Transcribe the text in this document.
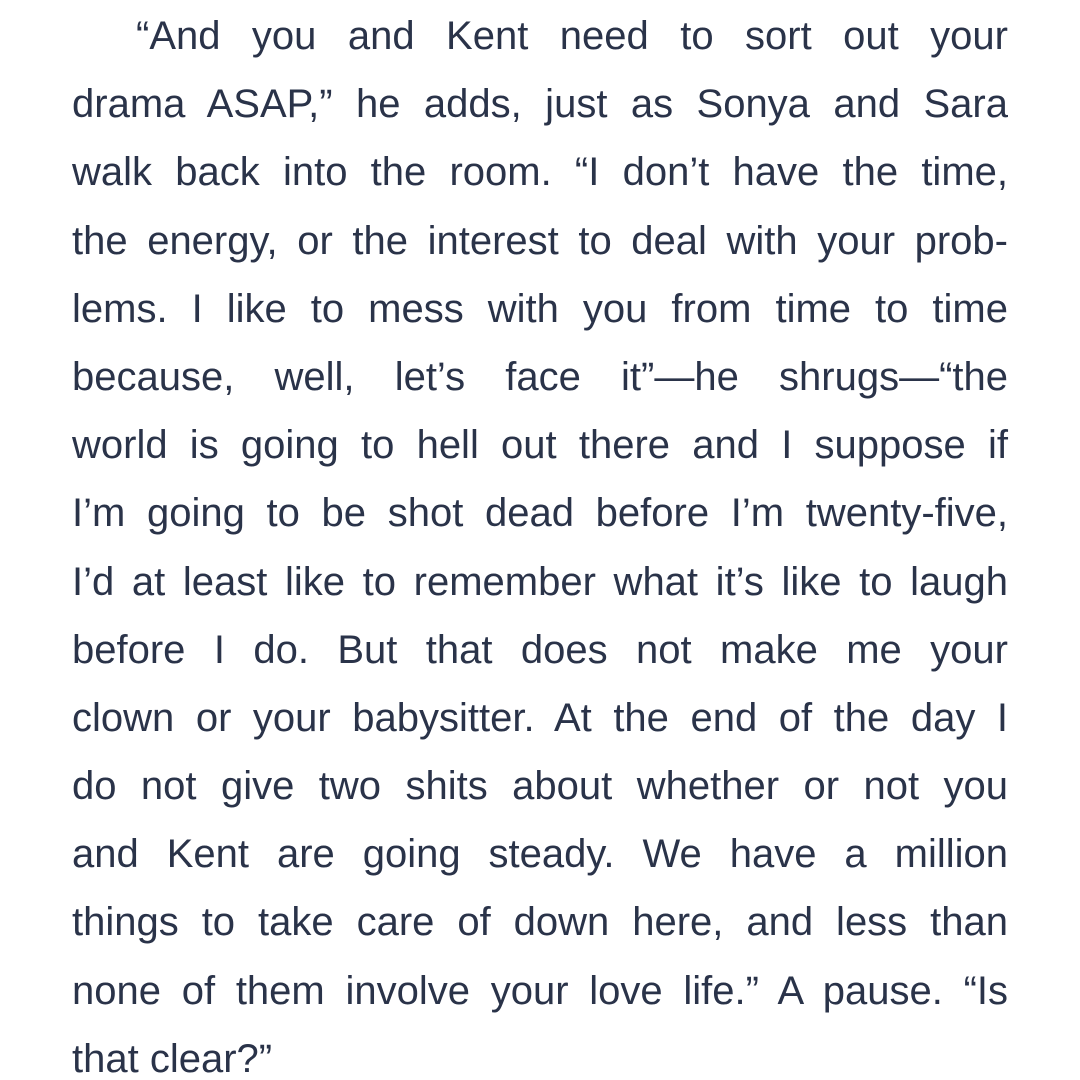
“And you and Kent need to sort out your
drama ASAP,” he adds, just as Sonya and Sara
walk back into the room. “I don’t have the time,
the energy, or the interest to deal with your prob-
lems. I like to mess with you from time to time
because, well, let’s face it”—he shrugs—“the
world is going to hell out there and I suppose if
I’m going to be shot dead before I’m twenty-five,
I’d at least like to remember what it’s like to laugh
before I do. But that does not make me your
clown or your babysitter. At the end of the day I
do not give two shits about whether or not you
and Kent are going steady. We have a million
things to take care of down here, and less than
none of them involve your love life.” A pause. “Is
that clear?”
